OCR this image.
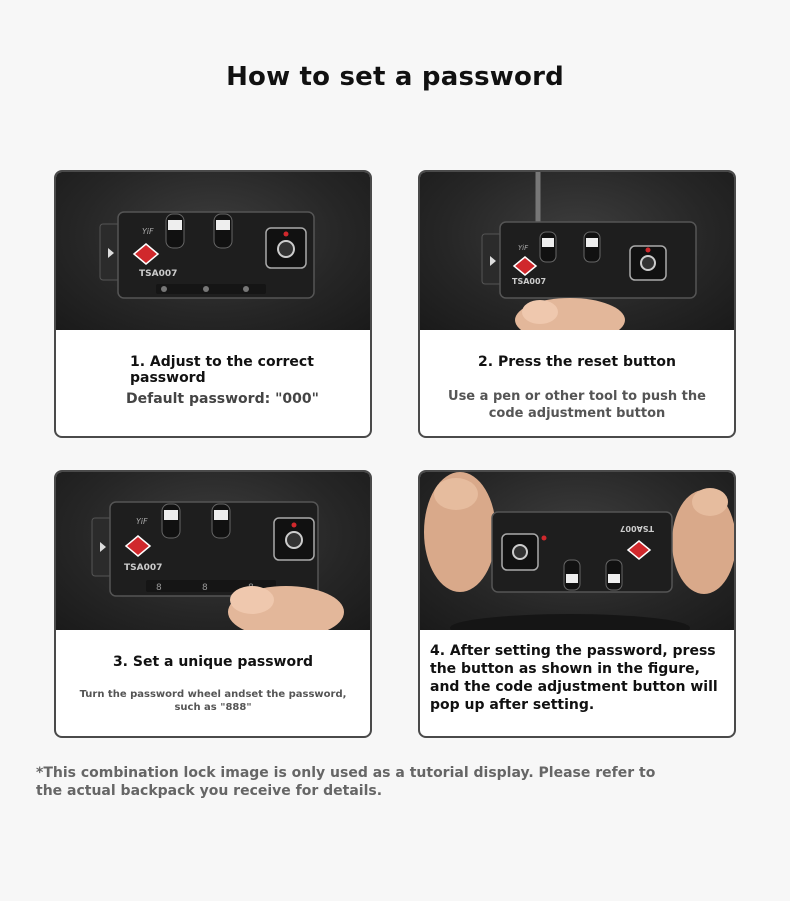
How to set a password
TSA007
YiF
1. Adjust to the correct password
Default password: "000"
TSA007
YiF
2. Press the reset button
Use a pen or other tool to push the code adjustment button
TSA007
YiF
8	8
3. Set a unique password
Turn the password wheel andset the password, such as "888"
TSA007
4. After setting the password, press the button as shown in the figure, and the code adjustment button will pop up after setting.
*This combination lock image is only used as a tutorial display. Please refer to the actual backpack you receive for details.
